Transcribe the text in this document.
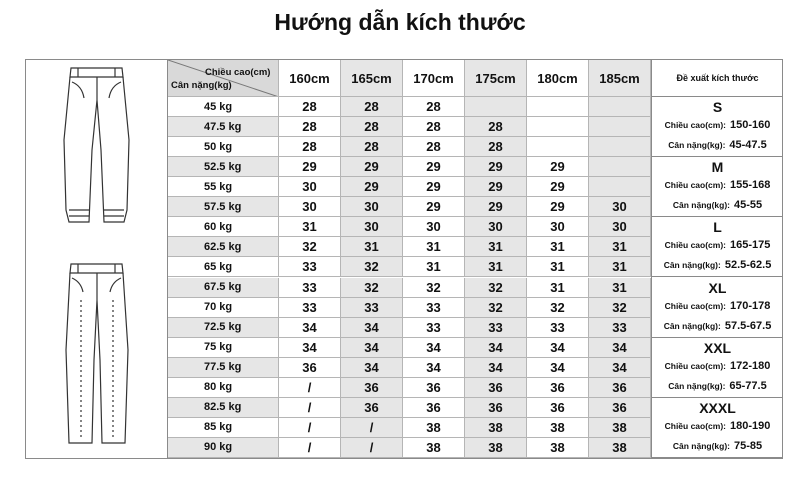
Hướng dẫn kích thước
Chiều cao(cm)
Cân nặng(kg)	160cm	165cm	170cm	175cm	180cm	185cm
45 kg	28	28	28
47.5 kg	28	28	28	28
50 kg	28	28	28	28
52.5 kg	29	29	29	29	29
55 kg	30	29	29	29	29
57.5 kg	30	30	29	29	29	30
60 kg	31	30	30	30	30	30
62.5 kg	32	31	31	31	31	31
65 kg	33	32	31	31	31	31
67.5 kg	33	32	32	32	31	31
70 kg	33	33	33	32	32	32
72.5 kg	34	34	33	33	33	33
75 kg	34	34	34	34	34	34
77.5 kg	36	34	34	34	34	34
80 kg	/	36	36	36	36	36
82.5 kg	/	36	36	36	36	36
85 kg	/	/	38	38	38	38
90 kg	/	/	38	38	38	38
Đề xuất kích thước
S
Chiều cao(cm): 150-160
Cân nặng(kg): 45-47.5
M
Chiều cao(cm): 155-168
Cân nặng(kg): 45-55
L
Chiều cao(cm): 165-175
Cân nặng(kg): 52.5-62.5
XL
Chiều cao(cm): 170-178
Cân nặng(kg): 57.5-67.5
XXL
Chiều cao(cm): 172-180
Cân nặng(kg): 65-77.5
XXXL
Chiều cao(cm): 180-190
Cân nặng(kg): 75-85
